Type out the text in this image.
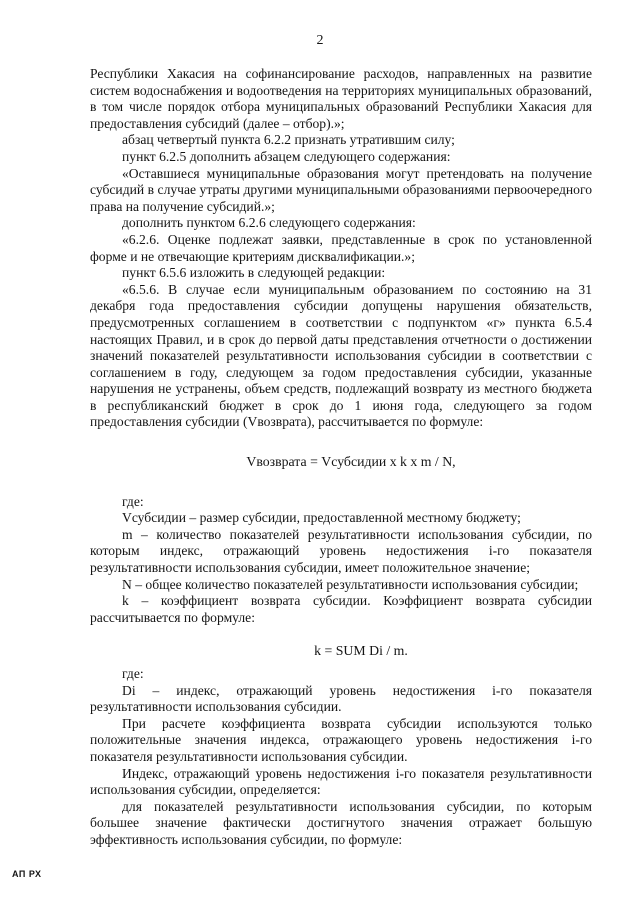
2

Республики Хакасия на софинансирование расходов, направленных на развитие систем водоснабжения и водоотведения на территориях муниципальных образований, в том числе порядок отбора муниципальных образований Республики Хакасия для предоставления субсидий (далее – отбор).»;

абзац четвертый пункта 6.2.2 признать утратившим силу;

пункт 6.2.5 дополнить абзацем следующего содержания:

«Оставшиеся муниципальные образования могут претендовать на получение субсидий в случае утраты другими муниципальными образованиями первоочередного права на получение субсидий.»;

дополнить пунктом 6.2.6 следующего содержания:

«6.2.6. Оценке подлежат заявки, представленные в срок по установленной форме и не отвечающие критериям дисквалификации.»;

пункт 6.5.6 изложить в следующей редакции:

«6.5.6. В случае если муниципальным образованием по состоянию на 31 декабря года предоставления субсидии допущены нарушения обязательств, предусмотренных соглашением в соответствии с подпунктом «г» пункта 6.5.4 настоящих Правил, и в срок до первой даты представления отчетности о достижении значений показателей результативности использования субсидии в соответствии с соглашением в году, следующем за годом предоставления субсидии, указанные нарушения не устранены, объем средств, подлежащий возврату из местного бюджета в республиканский бюджет в срок до 1 июня года, следующего за годом предоставления субсидии (Vвозврата), рассчитывается по формуле:

Vвозврата = Vсубсидии x k x m / N,

где:

Vсубсидии – размер субсидии, предоставленной местному бюджету;

m – количество показателей результативности использования субсидии, по которым индекс, отражающий уровень недостижения i-го показателя результативности использования субсидии, имеет положительное значение;

N – общее количество показателей результативности использования субсидии;

k – коэффициент возврата субсидии. Коэффициент возврата субсидии рассчитывается по формуле:

k = SUM Di / m.

где:

Di – индекс, отражающий уровень недостижения i-го показателя результативности использования субсидии.

При расчете коэффициента возврата субсидии используются только положительные значения индекса, отражающего уровень недостижения i-го показателя результативности использования субсидии.

Индекс, отражающий уровень недостижения i-го показателя результативности использования субсидии, определяется:

для показателей результативности использования субсидии, по которым большее значение фактически достигнутого значения отражает большую эффективность использования субсидии, по формуле:

АП РХ
